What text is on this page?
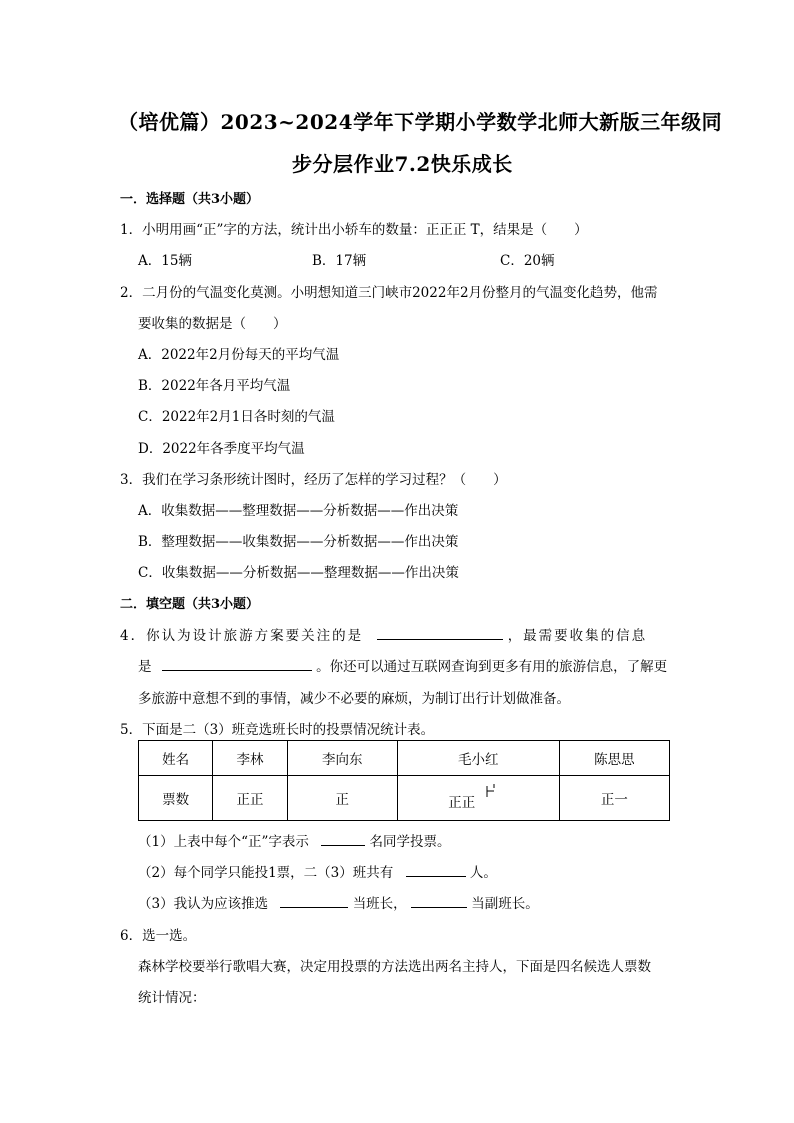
（培优篇）2023~2024学年下学期小学数学北师大新版三年级同
步分层作业7.2快乐成长
一．选择题（共3小题）
1．小明用画“正”字的方法，统计出小轿车的数量：正正正 T，结果是（　　）
A．15辆	B．17辆	C．20辆
2．二月份的气温变化莫测。小明想知道三门峡市2022年2月份整月的气温变化趋势，他需
要收集的数据是（　　）
A．2022年2月份每天的平均气温
B．2022年各月平均气温
C．2022年2月1日各时刻的气温
D．2022年各季度平均气温
3．我们在学习条形统计图时，经历了怎样的学习过程？（　　）
A．收集数据——整理数据——分析数据——作出决策
B．整理数据——收集数据——分析数据——作出决策
C．收集数据——分析数据——整理数据——作出决策
二．填空题（共3小题）
4．你认为设计旅游方案要关注的是	，最需要收集的信息
是	。你还可以通过互联网查询到更多有用的旅游信息，了解更
多旅游中意想不到的事情，减少不必要的麻烦，为制订出行计划做准备。
5．下面是二（3）班竞选班长时的投票情况统计表。
姓名	李林	李向东	毛小红	陈思思
票数	正正	正	正正	正一
（1）上表中每个“正”字表示	名同学投票。
（2）每个同学只能投1票，二（3）班共有	人。
（3）我认为应该推选	当班长，	当副班长。
6．选一选。
森林学校要举行歌唱大赛，决定用投票的方法选出两名主持人，下面是四名候选人票数
统计情况：
